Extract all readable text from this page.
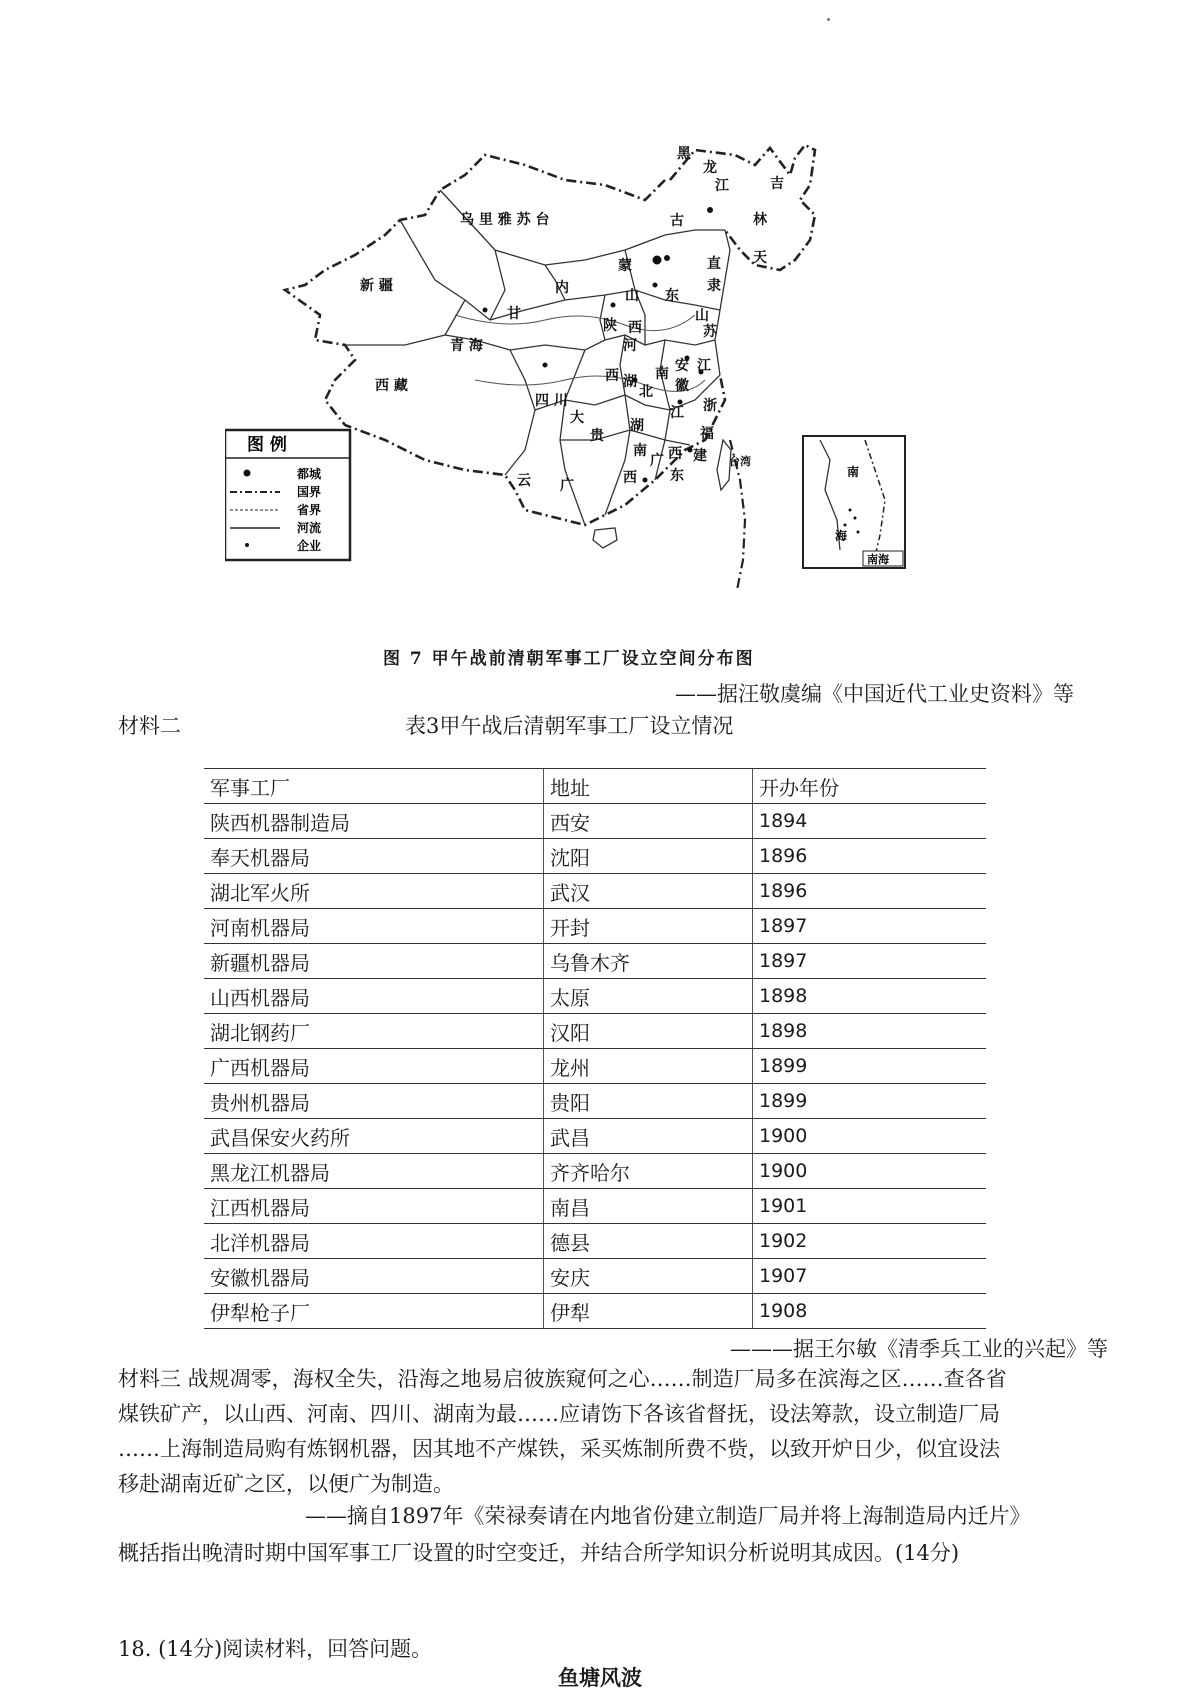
黑
龙
江	吉
林
乌 里 雅 苏 台	古
蒙	直
隶
天
内
新 疆
甘
青 海
西 藏
山
西
陕
西
山
东
河
南 江
苏
安
徽
四 川
湖
北
湖
南
江
西
浙
福
建
贵
云 广	西
广
东
台湾
大
图 例
都城
国界
省界
河流
企业
南
海
南海
图 7 甲午战前清朝军事工厂设立空间分布图
——据汪敬虞编《中国近代工业史资料》等
材料二	表3甲午战后清朝军事工厂设立情况
军事工厂	地址	开办年份
陕西机器制造局	西安	1894
奉天机器局	沈阳	1896
湖北军火所	武汉	1896
河南机器局	开封	1897
新疆机器局	乌鲁木齐	1897
山西机器局	太原	1898
湖北钢药厂	汉阳	1898
广西机器局	龙州	1899
贵州机器局	贵阳	1899
武昌保安火药所	武昌	1900
黑龙江机器局	齐齐哈尔	1900
江西机器局	南昌	1901
北洋机器局	德县	1902
安徽机器局	安庆	1907
伊犁枪子厂	伊犁	1908
———据王尔敏《清季兵工业的兴起》等
材料三 战规凋零，海权全失，沿海之地易启彼族窥何之心……制造厂局多在滨海之区……查各省
煤铁矿产，以山西、河南、四川、湖南为最……应请饬下各该省督抚，设法筹款，设立制造厂局
……上海制造局购有炼钢机器，因其地不产煤铁，采买炼制所费不赀，以致开炉日少，似宜设法
移赴湖南近矿之区，以便广为制造。
——摘自1897年《荣禄奏请在内地省份建立制造厂局并将上海制造局内迁片》
概括指出晚清时期中国军事工厂设置的时空变迁，并结合所学知识分析说明其成因。(14分)
18. (14分)阅读材料，回答问题。
鱼塘风波
